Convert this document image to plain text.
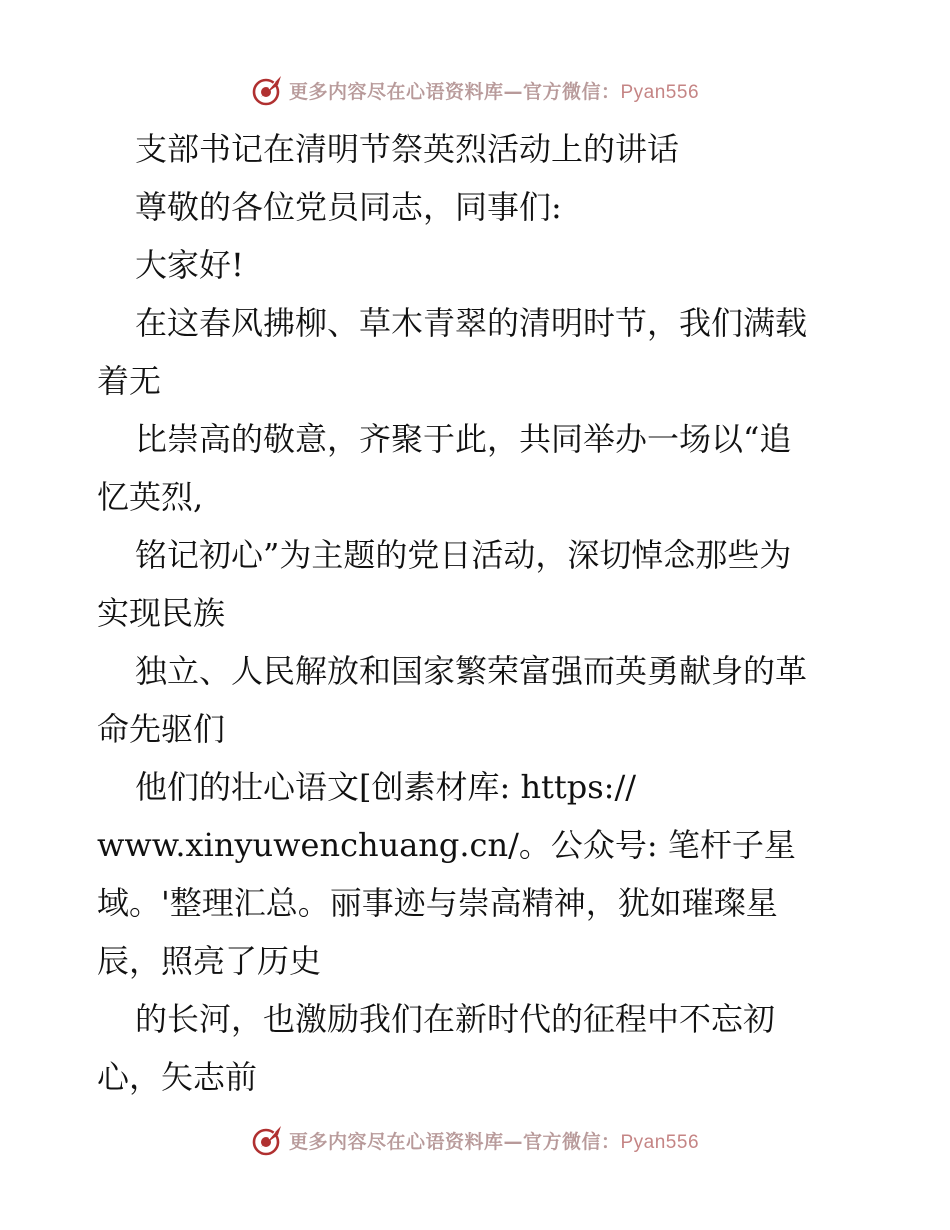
更多内容尽在心语资料库—官方微信：Pyan556
支部书记在清明节祭英烈活动上的讲话
尊敬的各位党员同志，同事们:
大家好!
在这春风拂柳、草木青翠的清明时节，我们满载
着无
比崇高的敬意，齐聚于此，共同举办一场以“追
忆英烈,
铭记初心”为主题的党日活动，深切悼念那些为
实现民族
独立、人民解放和国家繁荣富强而英勇献身的革
命先驱们
他们的壮心语文[创素材库: https://
www.xinyuwenchuang.cn/。公众号: 笔杆子星
域。'整理汇总。丽事迹与崇高精神，犹如璀璨星
辰，照亮了历史
的长河，也激励我们在新时代的征程中不忘初
心，矢志前
更多内容尽在心语资料库—官方微信：Pyan556
